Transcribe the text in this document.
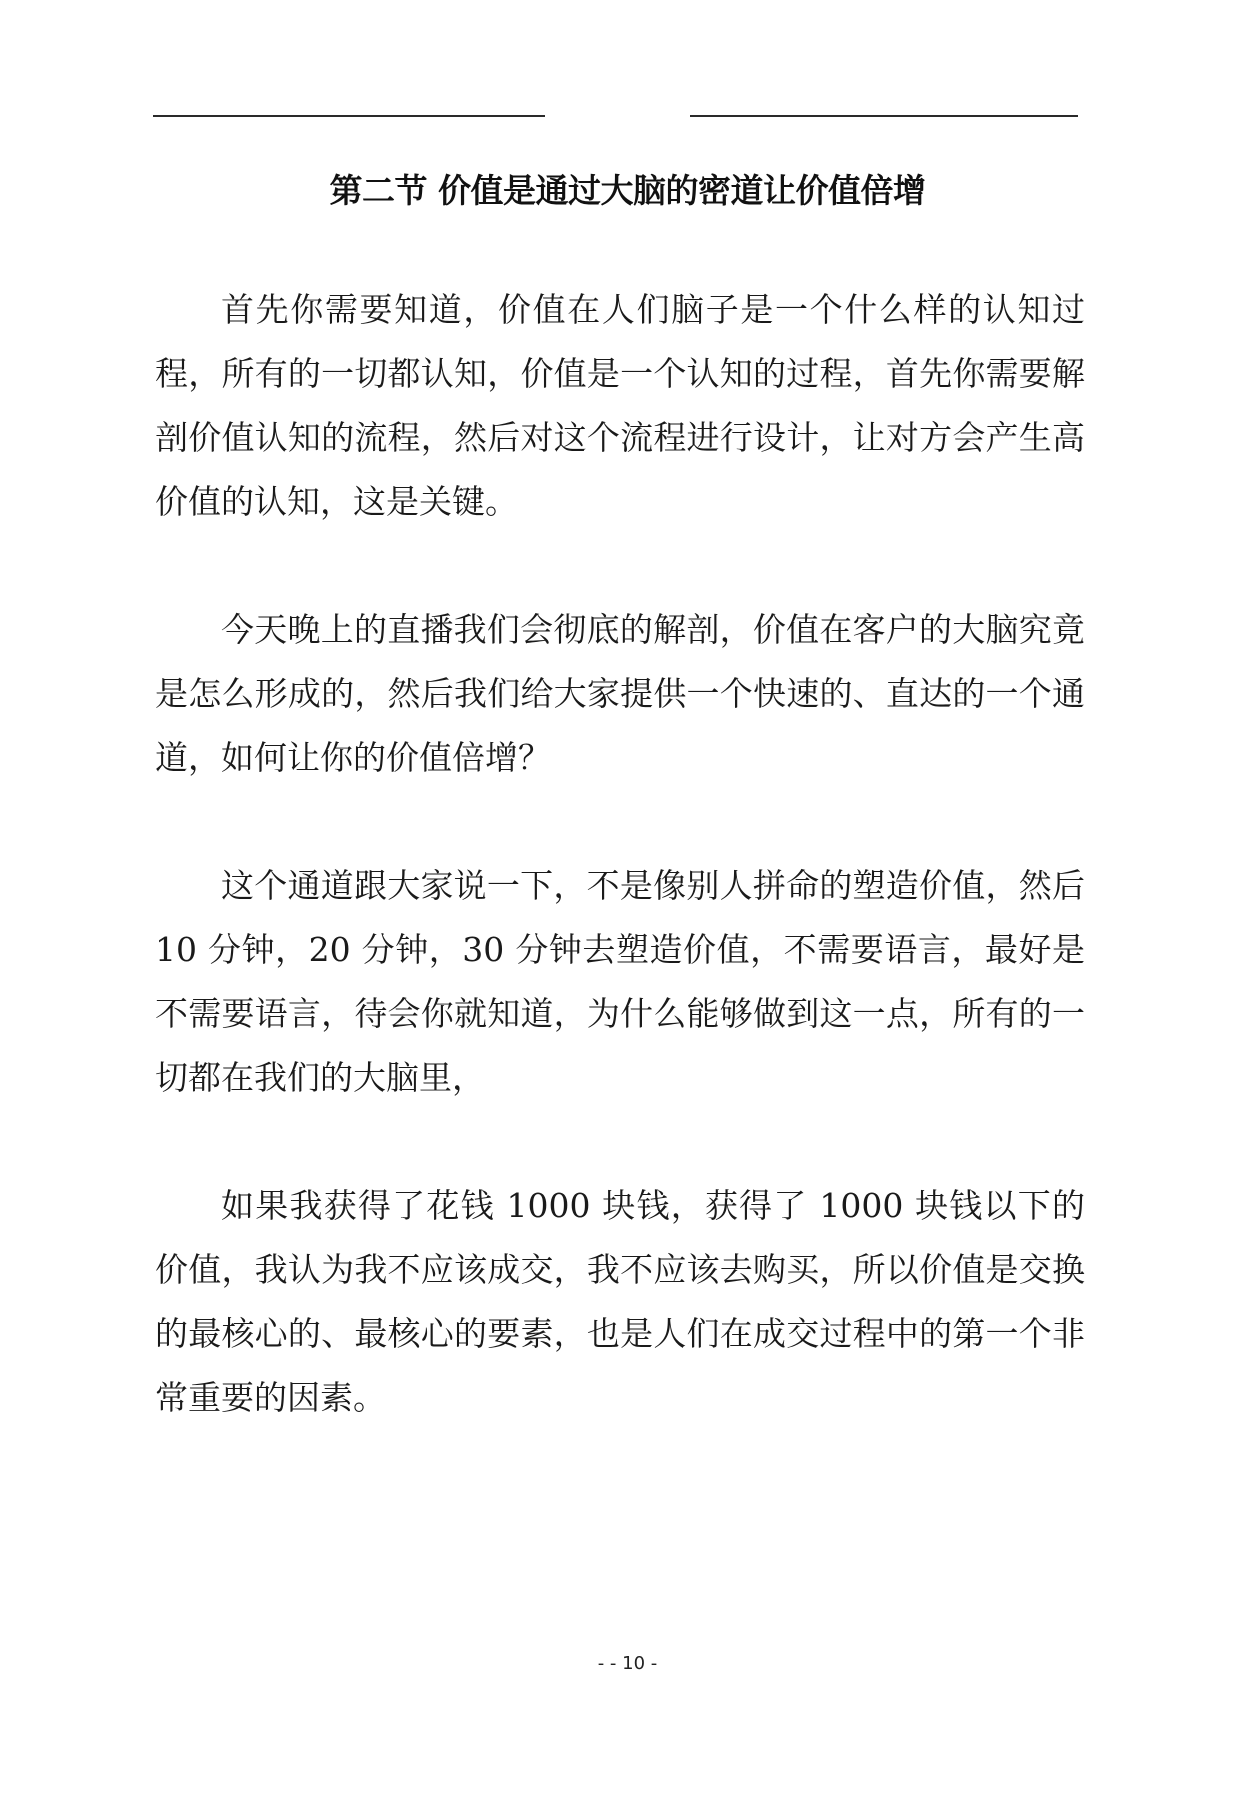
第二节 价值是通过大脑的密道让价值倍增

首先你需要知道，价值在人们脑子是一个什么样的认知过程，所有的一切都认知，价值是一个认知的过程，首先你需要解剖价值认知的流程，然后对这个流程进行设计，让对方会产生高价值的认知，这是关键。

今天晚上的直播我们会彻底的解剖，价值在客户的大脑究竟是怎么形成的，然后我们给大家提供一个快速的、直达的一个通道，如何让你的价值倍增？

这个通道跟大家说一下，不是像别人拼命的塑造价值，然后 10 分钟，20 分钟，30 分钟去塑造价值，不需要语言，最好是不需要语言，待会你就知道，为什么能够做到这一点，所有的一切都在我们的大脑里，

如果我获得了花钱 1000 块钱，获得了 1000 块钱以下的价值，我认为我不应该成交，我不应该去购买，所以价值是交换的最核心的、最核心的要素，也是人们在成交过程中的第一个非常重要的因素。

- - 10 -
